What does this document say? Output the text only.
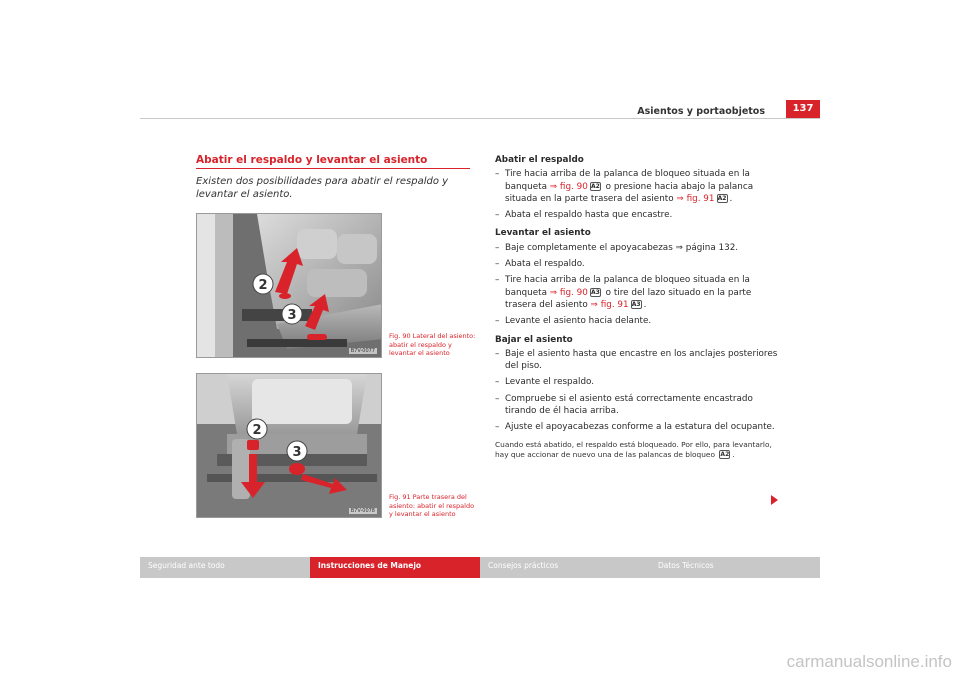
Asientos y portaobjetos	137
Abatir el respaldo y levantar el asiento
Existen dos posibilidades para abatir el respaldo y levantar el asiento.
2
3
B7V-0077
Fig. 90 Lateral del asiento: abatir el respaldo y levantar el asiento
2
3
B7V-0078
Fig. 91 Parte trasera del asiento: abatir el respaldo y levantar el asiento
Abatir el respaldo
– Tire hacia arriba de la palanca de bloqueo situada en la banqueta ⇒ fig. 90 A2 o presione hacia abajo la palanca situada en la parte trasera del asiento ⇒ fig. 91 A2 .
– Abata el respaldo hasta que encastre.
Levantar el asiento
– Baje completamente el apoyacabezas ⇒ página 132.
– Abata el respaldo.
– Tire hacia arriba de la palanca de bloqueo situada en la banqueta ⇒ fig. 90 A3 o tire del lazo situado en la parte trasera del asiento ⇒ fig. 91 A3 .
– Levante el asiento hacia delante.
Bajar el asiento
– Baje el asiento hasta que encastre en los anclajes posteriores del piso.
– Levante el respaldo.
– Compruebe si el asiento está correctamente encastrado tirando de él hacia arriba.
– Ajuste el apoyacabezas conforme a la estatura del ocupante.
Cuando está abatido, el respaldo está bloqueado. Por ello, para levantarlo, hay que accionar de nuevo una de las palancas de bloqueo A2 .
Seguridad ante todo	Instrucciones de Manejo	Consejos prácticos	Datos Técnicos
carmanualsonline.info
